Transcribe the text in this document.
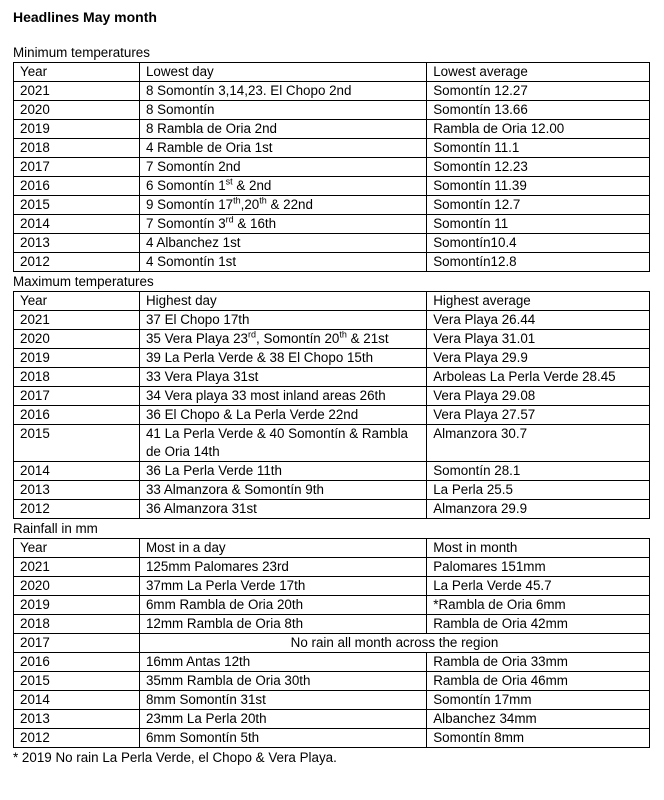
Headlines May month
Minimum temperatures
Year	Lowest day	Lowest average
2021	8 Somontín 3,14,23. El Chopo 2nd	Somontín 12.27
2020	8 Somontín	Somontín 13.66
2019	8 Rambla de Oria 2nd	Rambla de Oria 12.00
2018	4 Ramble de Oria 1st	Somontín 11.1
2017	7 Somontín 2nd	Somontín 12.23
2016	6 Somontín 1st & 2nd	Somontín 11.39
2015	9 Somontín 17th,20th & 22nd	Somontín 12.7
2014	7 Somontín 3rd & 16th	Somontín 11
2013	4 Albanchez 1st	Somontín10.4
2012	4 Somontín 1st	Somontín12.8
Maximum temperatures
Year	Highest day	Highest average
2021	37 El Chopo 17th	Vera Playa 26.44
2020	35 Vera Playa 23rd, Somontín 20th & 21st	Vera Playa 31.01
2019	39 La Perla Verde & 38 El Chopo 15th	Vera Playa 29.9
2018	33 Vera Playa 31st	Arboleas La Perla Verde 28.45
2017	34 Vera playa 33 most inland areas 26th	Vera Playa 29.08
2016	36 El Chopo & La Perla Verde 22nd	Vera Playa 27.57
2015	41 La Perla Verde & 40 Somontín & Rambla de Oria 14th	Almanzora 30.7
2014	36 La Perla Verde 11th	Somontín 28.1
2013	33 Almanzora & Somontín 9th	La Perla 25.5
2012	36 Almanzora 31st	Almanzora 29.9
Rainfall in mm
Year	Most in a day	Most in month
2021	125mm Palomares 23rd	Palomares 151mm
2020	37mm La Perla Verde 17th	La Perla Verde 45.7
2019	6mm Rambla de Oria 20th	*Rambla de Oria 6mm
2018	12mm Rambla de Oria 8th	Rambla de Oria 42mm
2017	No rain all month across the region	
2016	16mm Antas 12th	Rambla de Oria 33mm
2015	35mm Rambla de Oria 30th	Rambla de Oria 46mm
2014	8mm Somontín 31st	Somontín 17mm
2013	23mm La Perla 20th	Albanchez 34mm
2012	6mm Somontín 5th	Somontín 8mm
* 2019 No rain La Perla Verde, el Chopo & Vera Playa.
